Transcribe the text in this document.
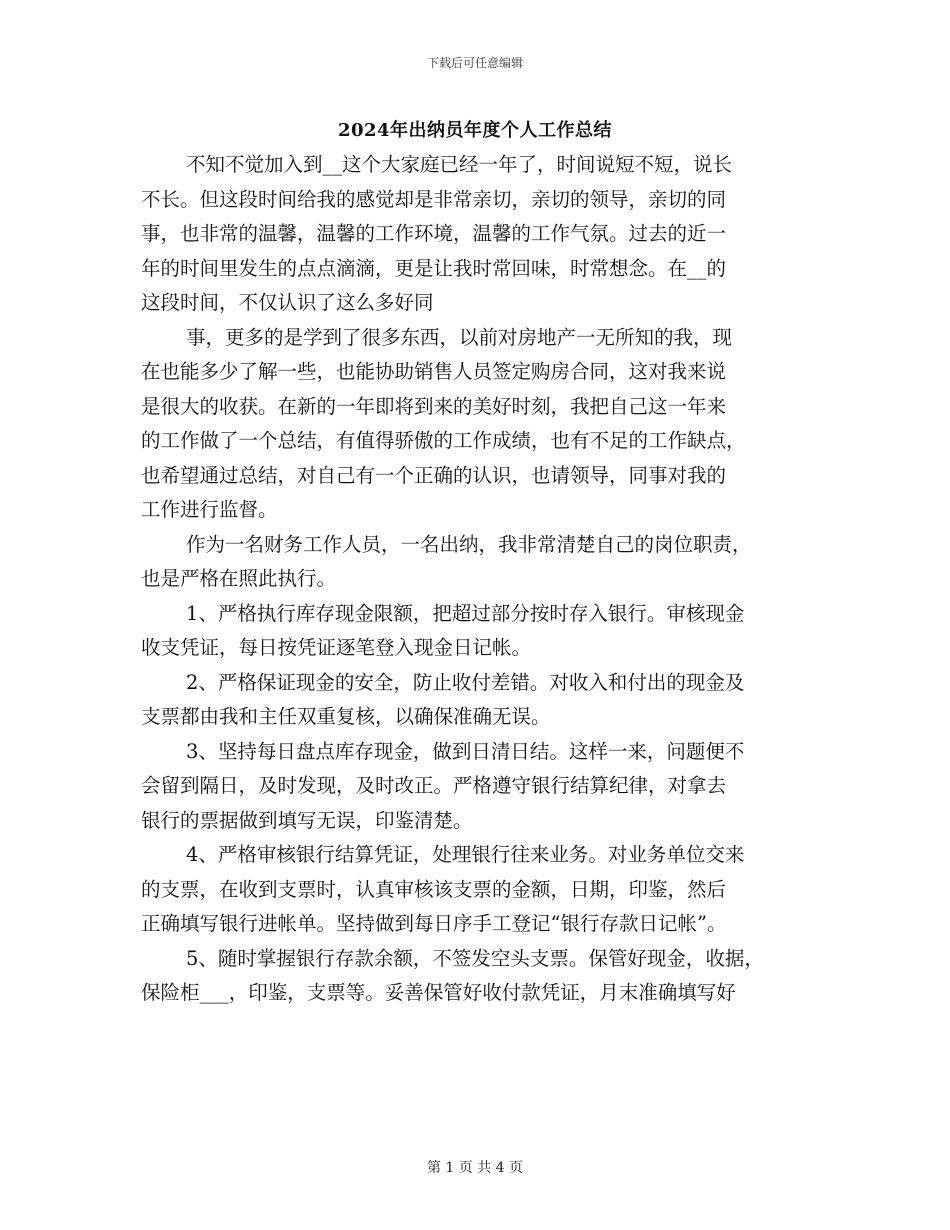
下载后可任意编辑
2024年出纳员年度个人工作总结
不知不觉加入到__这个大家庭已经一年了，时间说短不短，说长
不长。但这段时间给我的感觉却是非常亲切，亲切的领导，亲切的同
事，也非常的温馨，温馨的工作环境，温馨的工作气氛。过去的近一
年的时间里发生的点点滴滴，更是让我时常回味，时常想念。在__的
这段时间，不仅认识了这么多好同
事，更多的是学到了很多东西，以前对房地产一无所知的我，现
在也能多少了解一些，也能协助销售人员签定购房合同，这对我来说
是很大的收获。在新的一年即将到来的美好时刻，我把自己这一年来
的工作做了一个总结，有值得骄傲的工作成绩，也有不足的工作缺点，
也希望通过总结，对自己有一个正确的认识，也请领导，同事对我的
工作进行监督。
作为一名财务工作人员，一名出纳，我非常清楚自己的岗位职责，
也是严格在照此执行。
1、严格执行库存现金限额，把超过部分按时存入银行。审核现金
收支凭证，每日按凭证逐笔登入现金日记帐。
2、严格保证现金的安全，防止收付差错。对收入和付出的现金及
支票都由我和主任双重复核，以确保准确无误。
3、坚持每日盘点库存现金，做到日清日结。这样一来，问题便不
会留到隔日，及时发现，及时改正。严格遵守银行结算纪律，对拿去
银行的票据做到填写无误，印鉴清楚。
4、严格审核银行结算凭证，处理银行往来业务。对业务单位交来
的支票，在收到支票时，认真审核该支票的金额，日期，印鉴，然后
正确填写银行进帐单。坚持做到每日序手工登记“银行存款日记帐”。
5、随时掌握银行存款余额，不签发空头支票。保管好现金，收据，
保险柜___，印鉴，支票等。妥善保管好收付款凭证，月末准确填写好
第 1 页 共 4 页
